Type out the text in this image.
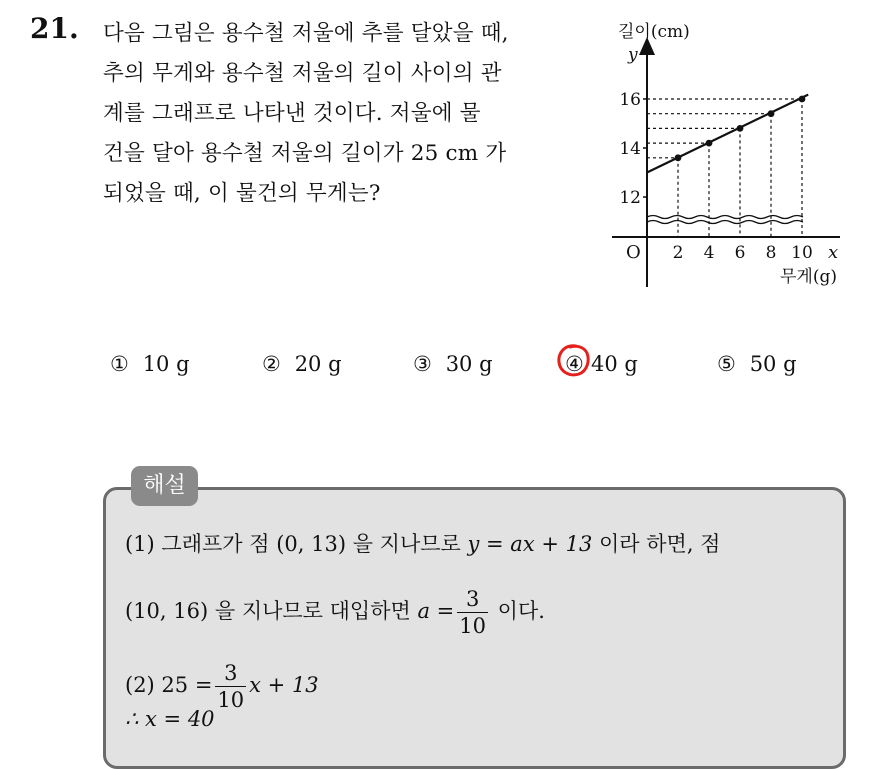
21. 다음 그림은 용수철 저울에 추를 달았을 때,
추의 무게와 용수철 저울의 길이 사이의 관
계를 그래프로 나타낸 것이다. 저울에 물
건을 달아 용수철 저울의 길이가 25 cm 가
되었을 때, 이 물건의 무게는?
2 4 6 8 10
12
14
16
길이(cm)
y
O	x
무게(g)
① 10 g	② 20 g	③ 30 g	④ 40 g	⑤ 50 g
해설
(1) 그래프가 점 (0, 13) 을 지나므로 y = ax + 13 이라 하면, 점
(10, 16) 을 지나므로 대입하면 $a = \frac{3}{10}$ 이다.
(2) $25 = \frac{3}{10}$ x + 13
∴ x = 40
